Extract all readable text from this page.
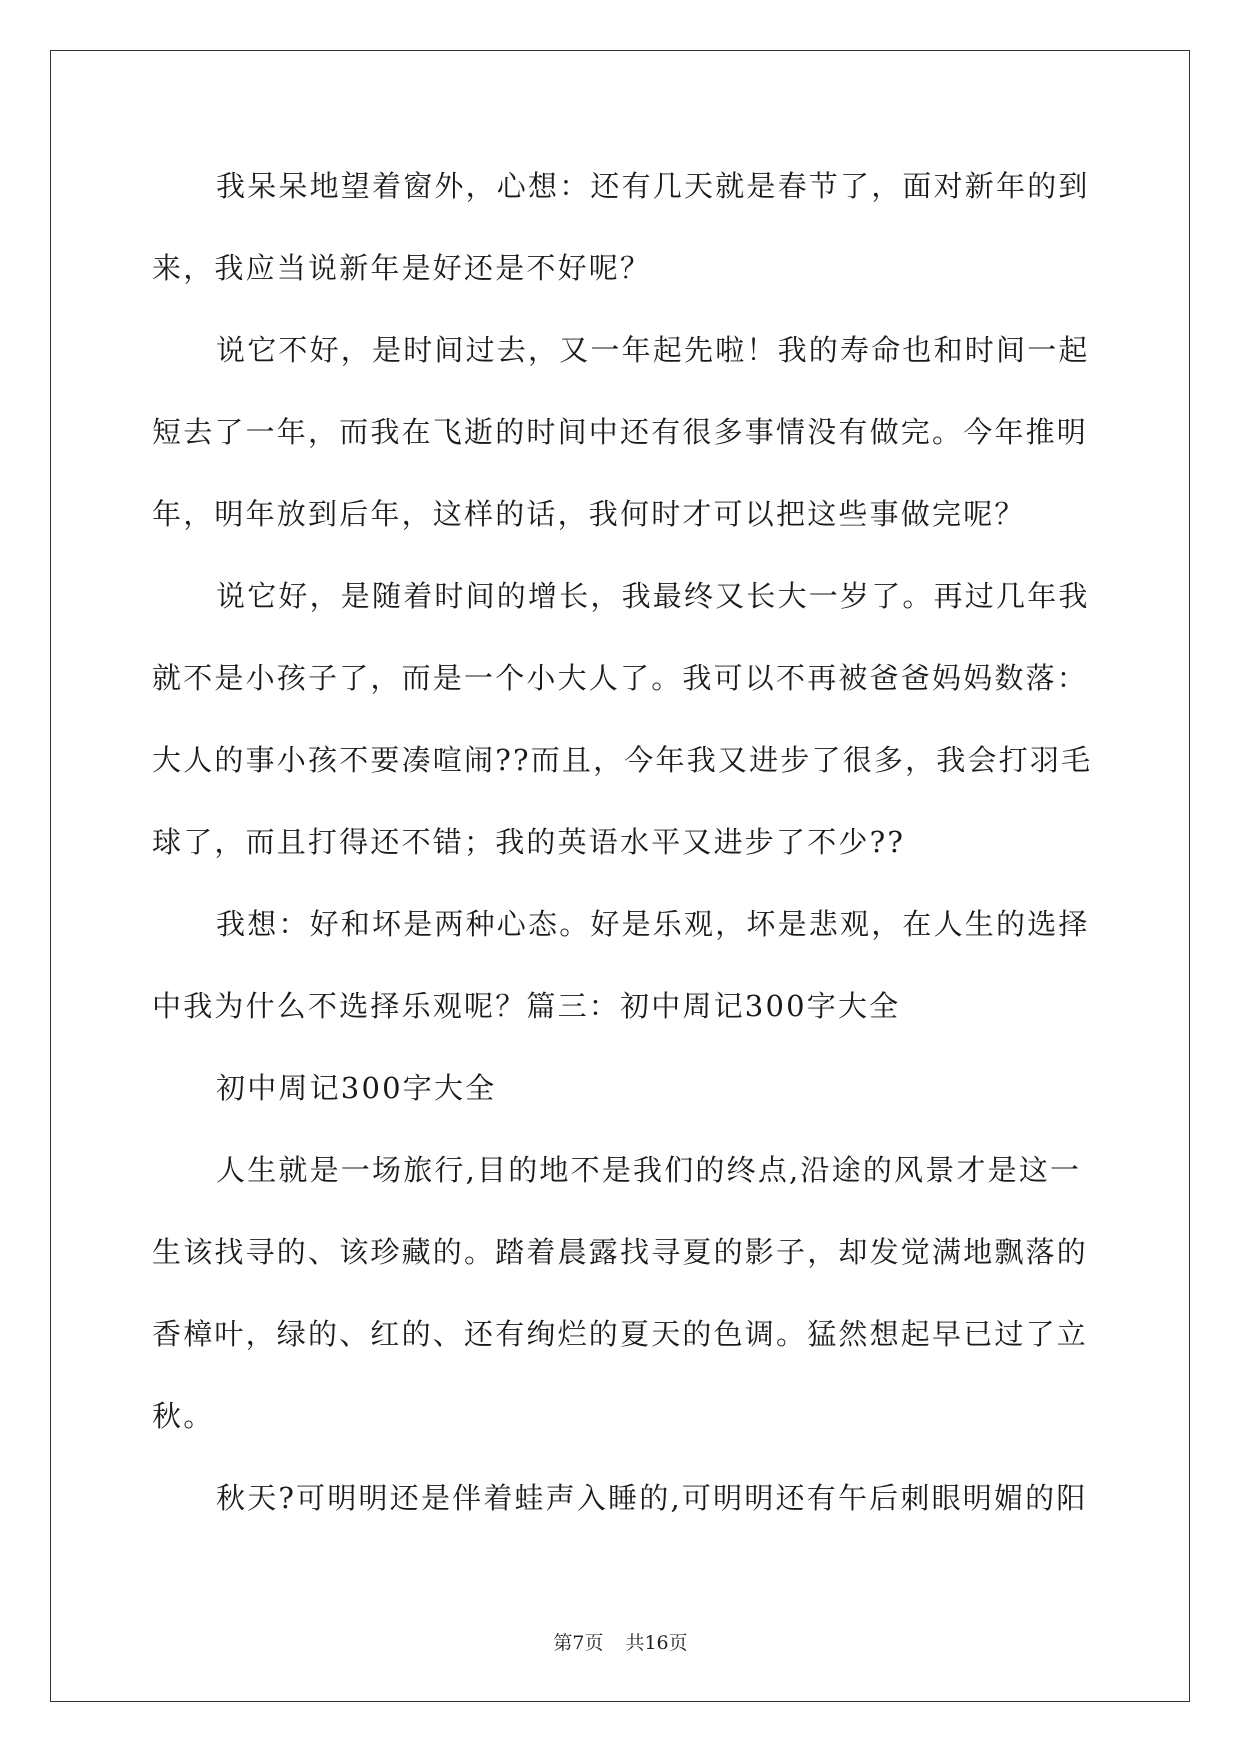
我呆呆地望着窗外，心想：还有几天就是春节了，面对新年的到
来，我应当说新年是好还是不好呢？
说它不好，是时间过去，又一年起先啦！我的寿命也和时间一起
短去了一年，而我在飞逝的时间中还有很多事情没有做完。今年推明
年，明年放到后年，这样的话，我何时才可以把这些事做完呢？
说它好，是随着时间的增长，我最终又长大一岁了。再过几年我
就不是小孩子了，而是一个小大人了。我可以不再被爸爸妈妈数落：
大人的事小孩不要凑喧闹??而且，今年我又进步了很多，我会打羽毛
球了，而且打得还不错；我的英语水平又进步了不少??
我想：好和坏是两种心态。好是乐观，坏是悲观，在人生的选择
中我为什么不选择乐观呢？篇三：初中周记300字大全
初中周记300字大全
人生就是一场旅行,目的地不是我们的终点,沿途的风景才是这一
生该找寻的、该珍藏的。踏着晨露找寻夏的影子，却发觉满地飘落的
香樟叶，绿的、红的、还有绚烂的夏天的色调。猛然想起早已过了立
秋。
秋天?可明明还是伴着蛙声入睡的,可明明还有午后刺眼明媚的阳
第7页 共16页
